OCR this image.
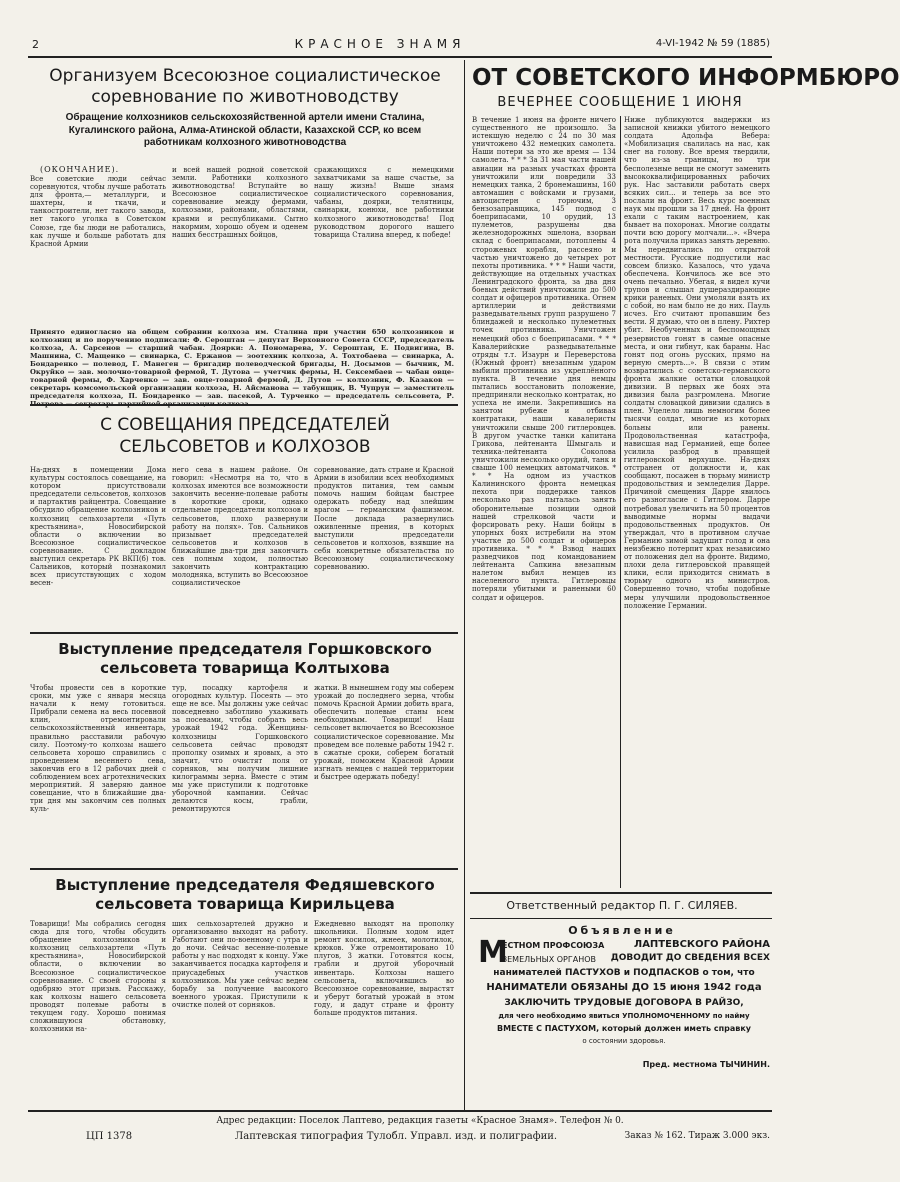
2	КРАСНОЕ ЗНАМЯ	4-VI-1942 № 59 (1885)
Организуем Всесоюзное социалистическое соревнование по животноводству
Обращение колхозников сельскохозяйственной артели имени Сталина, Кугалинского района, Алма-Атинской области, Казахской ССР, ко всем работникам колхозного животноводства
(ОКОНЧАНИЕ).
Все советские люди сейчас соревнуются, чтобы лучше работать для фронта,— металлурги, и шахтеры, и ткачи, и танкостроители, нет такого завода, нет такого уголка в Советском Союзе, где бы люди не работались, как лучше и больше работать для Красной Армии
и всей нашей родной советской земли. Работники колхозного животноводства! Вступайте во Всесоюзное социалистическое соревнование между фермами, колхозами, районами, областями, краями и республиками. Сытно накормим, хорошо обуем и оденем наших бесстрашных бойцов,
сражающихся с немецкими захватчиками за наше счастье, за нашу жизнь! Выше знамя социалистического соревнования, чабаны, доярки, телятницы, свинарки, конюхи, все работники колхозного животноводства! Под руководством дорогого нашего товарища Сталина вперед, к победе!
Принято единогласно на общем собрании колхоза им. Сталина при участии 650 колхозников и колхозниц и по поручению подписали: Ф. Сероштан — депутат Верховного Совета СССР, председатель колхоза, А. Сарсенов — старший чабан. Доярки: А. Пономарева, У. Сероштан, Е. Подвигина, В. Машнина, С. Мащенко — свинарка, С. Ержанов — зоотехник колхоза, А. Тохтобаева — свинарка, А. Бондаренко — полевод, Г. Манеген — бригадир полеводческой бригады, Н. Досымов — бычник, М. Окруйко — зав. молочно-товарной фермой, Т. Дутова — учетчик фермы, Н. Сексембаев — чабан овце-товарной фермы, Ф. Харченко — зав. овце-товарной фермой, Д. Дутов — колхозник, Ф. Казаков — секретарь комсомольской организации колхоза, Н. Айсманова — табунщик, В. Чупрун — заместитель председателя колхоза, П. Бондаренко — зав. пасекой, А. Турченко — председатель сельсовета, Р.
С СОВЕЩАНИЯ ПРЕДСЕДАТЕЛЕЙ СЕЛЬСОВЕТОВ и КОЛХОЗОВ
На-днях в помещении Дома культуры состоялось совещание, на котором присутствовали председатели сельсоветов, колхозов и партактив райцентра. Совещание обсудило обращение колхозников и колхозниц сельхозартели «Путь крестьянина», Новосибирской области о включении во Всесоюзное социалистическое соревнование. С докладом выступил секретарь РК ВКП(б) тов. Сальников, который познакомил всех присутствующих с ходом весен-
него сева в нашем районе. Он говорил: «Несмотря на то, что в колхозах имеются все возможности закончить весенне-полевые работы в короткие сроки, однако отдельные председатели колхозов и сельсоветов, плохо развернули работу на полях». Тов. Сальников призывает председателей сельсоветов и колхозов в ближайшие два-три дня закончить сев полным ходом, полностью закончить контрактацию молодняка, вступить во Всесоюзное социалистическое
соревнование, дать стране и Красной Армии в изобилии всех необходимых продуктов питания, тем самым помочь нашим бойцам быстрее одержать победу над злейшим врагом — германским фашизмом. После доклада развернулись оживленные прения, в которых выступили председатели сельсоветов и колхозов, взявшие на себя конкретные обязательства по Всесоюзному социалистическому соревнованию.
Выступление председателя Горшковского сельсовета товарища Колтыхова
Чтобы провести сев в короткие сроки, мы уже с января месяца начали к нему готовиться. Прибрали семена на весь посевной клин, отремонтировали сельскохозяйственный инвентарь, правильно расставили рабочую силу. Поэтому-то колхозы нашего сельсовета хорошо справились с проведением весеннего сева, закончив его в 12 рабочих дней с соблюдением всех агротехнических мероприятий. Я заверяю данное совещание, что в ближайшие два-три дня мы закончим сев полных куль-
тур, посадку картофеля и огородных культур. Посеять — это еще не все. Мы должны уже сейчас повседневно заботливо ухаживать за посевами, чтобы собрать весь урожай 1942 года. Женщины-колхозницы Горшковского сельсовета сейчас проводят прополку озимых и яровых, а это значит, что очистят поля от сорняков, мы получим лишние килограммы зерна. Вместе с этим мы уже приступили к подготовке уборочной кампании. Сейчас делаются косы, грабли, ремонтируются
жатки. В нынешнем году мы соберем урожай до последнего зерна, чтобы помочь Красной Армии добить врага, обеспечить полевые станы всем необходимым. Товарищи! Наш сельсовет включается во Всесоюзное социалистическое соревнование. Мы проведем все полевые работы 1942 г. в сжатые сроки, соберем богатый урожай, поможем Красной Армии изгнать немцев с нашей территории и быстрее одержать победу!
Выступление председателя Федяшевского сельсовета товарища Кирильцева
Товарищи! Мы собрались сегодня сюда для того, чтобы обсудить обращение колхозников и колхозниц сельхозартели «Путь крестьянина», Новосибирской области, о включении во Всесоюзное социалистическое соревнование. С своей стороны я одобряю этот призыв. Расскажу, как колхозы нашего сельсовета проводят полевые работы в текущем году. Хорошо понимая сложившуюся обстановку, колхозники на-
ших сельхозартелей дружно и организованно выходят на работу. Работают они по-военному с утра и до ночи. Сейчас весенне-полевые работы у нас подходят к концу. Уже заканчивается посадка картофеля и приусадебных участков колхозников. Мы уже сейчас ведем борьбу за получение высокого военного урожая. Приступили к очистке полей от сорняков.
Ежедневно выходят на прополку школьники. Полным ходом идет ремонт косилок, жнеек, молотилок, крюков. Уже отремонтировано 10 плугов, 3 жатки. Готовятся косы, грабли и другой уборочный инвентарь. Колхозы нашего сельсовета, включившись во Всесоюзное соревнование, вырастят и уберут богатый урожай в этом году, и дадут стране и фронту больше продуктов питания.
ОТ СОВЕТСКОГО ИНФОРМБЮРО
ВЕЧЕРНЕЕ СООБЩЕНИЕ 1 ИЮНЯ
В течение 1 июня на фронте ничего существенного не произошло. За истекшую неделю с 24 по 30 мая уничтожено 432 немецких самолета. Наши потери за это же время — 134 самолета. * * * За 31 мая части нашей авиации на разных участках фронта уничтожили или повредили 33 немецких танка, 2 бронемашины, 160 автомашин с войсками и грузами, автоцистерн с горючим, 3 бензозаправщика, 145 подвод с боеприпасами, 10 орудий, 13 пулеметов, разрушены два железнодорожных эшелона, взорван склад с боеприпасами, потоплены 4 сторожевых корабля, рассеяно и частью уничтожено до четырех рот пехоты противника. * * * Наши части, действующие на отдельных участках Ленинградского фронта, за два дня боевых действий уничтожили до 500 солдат и офицеров противника. Огнем артиллерии и действиями разведывательных групп разрушено 7 блиндажей и несколько пулеметных точек противника. Уничтожен немецкий обоз с боеприпасами. * * * Кавалерийские разведывательные отряды т.т. Изаурн и Переверстова (Южный фронт) внезапным ударом выбили противника из укреплённого пункта. В течение дня немцы пытались восстановить положение, предприняли несколько контратак, но успеха не имели. Закрепившись на занятом рубеже и отбивая контратаки, наши кавалеристы уничтожили свыше 200 гитлеровцев. В другом участке танки капитана Грикова, лейтенанта Шмыгаль и техника-лейтенанта Соколова уничтожили несколько орудий, танк и свыше 100 немецких автоматчиков. * * * На одном из участков Калининского фронта немецкая пехота при поддержке танков несколько раз пыталась занять оборонительные позиции одной нашей стрелковой части и форсировать реку. Наши бойцы в упорных боях истребили на этом участке до 500 солдат и офицеров противника. * * * Взвод наших разведчиков под командованием лейтенанта Сапкина внезапным налетом выбил немцев из населенного пункта. Гитлеровцы потеряли убитыми и ранеными 60 солдат и офицеров.
Ниже публикуются выдержки из записной книжки убитого немецкого солдата Адольфа Вебера: «Мобилизация свалилась на нас, как снег на голову. Все время твердили, что из-за границы, но три бесполезные вещи не смогут заменить высококвалифицированных рабочих рук. Нас заставили работать сверх всяких сил... и теперь за все это послали на фронт. Весь курс военных наук мы прошли за 17 дней. На фронт ехали с таким настроением, как бывает на похоронах. Многие солдаты почти всю дорогу молчали...». «Вчера рота получила приказ занять деревню. Мы передвигались по открытой местности. Русские подпустили нас совсем близко. Казалось, что удача обеспечена. Кончилось же все это очень печально. Убегая, я видел кучи трупов и слышал душераздирающие крики раненых. Они умоляли взять их с собой, но нам было не до них. Пауль исчез. Его считают пропавшим без вести. Я думаю, что он в плену. Рихтер убит. Необученных и беспомощных резервистов гонят в самые опасные места, и они гибнут, как бараны. Нас гонят под огонь русских, прямо на верную смерть...». В связи с этим возвратились с советско-германского фронта жалкие остатки словацкой дивизии. В первых же боях эта дивизия была разгромлена. Многие солдаты словацкой дивизии сдались в плен. Уцелело лишь немногим более тысячи солдат, многие из которых больны или ранены. Продовольственная катастрофа, нависшая над Германией, еще более усилила разброд в правящей гитлеровской верхушке. На-днях отстранен от должности и, как сообщают, посажен в тюрьму министр продовольствия и земледелия Дарре. Причиной смещения Дарре явилось его разногласие с Гитлером. Дарре потребовал увеличить на 50 процентов выводимые нормы выдачи продовольственных продуктов. Он утверждал, что в противном случае Германию зимой задушит голод и она неизбежно потерпит крах независимо от положения дел на фронте. Видимо, плохи дела гитлеровской правящей клики, если приходится снимать в тюрьму одного из министров. Совершенно точно, чтобы подобные меры улучшили продовольственное положение Германии.
Ответственный редактор П. Г. СИЛЯЕВ.
Объявление
М
ЕСТНОМ ПРОФСОЮЗА	ЛАПТЕВСКОГО РАЙОНА
ЗЕМЕЛЬНЫХ ОРГАНОВ ДОВОДИТ ДО СВЕДЕНИЯ ВСЕХ
нанимателей ПАСТУХОВ и ПОДПАСКОВ о том, что
НАНИМАТЕЛИ ОБЯЗАНЫ ДО 15 июня 1942 года
ЗАКЛЮЧИТЬ ТРУДОВЫЕ ДОГОВОРА В РАЙЗО,
для чего необходимо явиться УПОЛНОМОЧЕННОМУ по найму
ВМЕСТЕ С ПАСТУХОМ, который должен иметь справку
о состоянии здоровья.
Пред. местнома ТЫЧИНИН.
Адрес редакции: Поселок Лаптево, редакция газеты «Красное Знамя». Телефон № 0.
ЦП 1378	Лаптевская типография Тулобл. Управл. изд. и полиграфии.	Заказ № 162. Тираж 3.000 экз.
